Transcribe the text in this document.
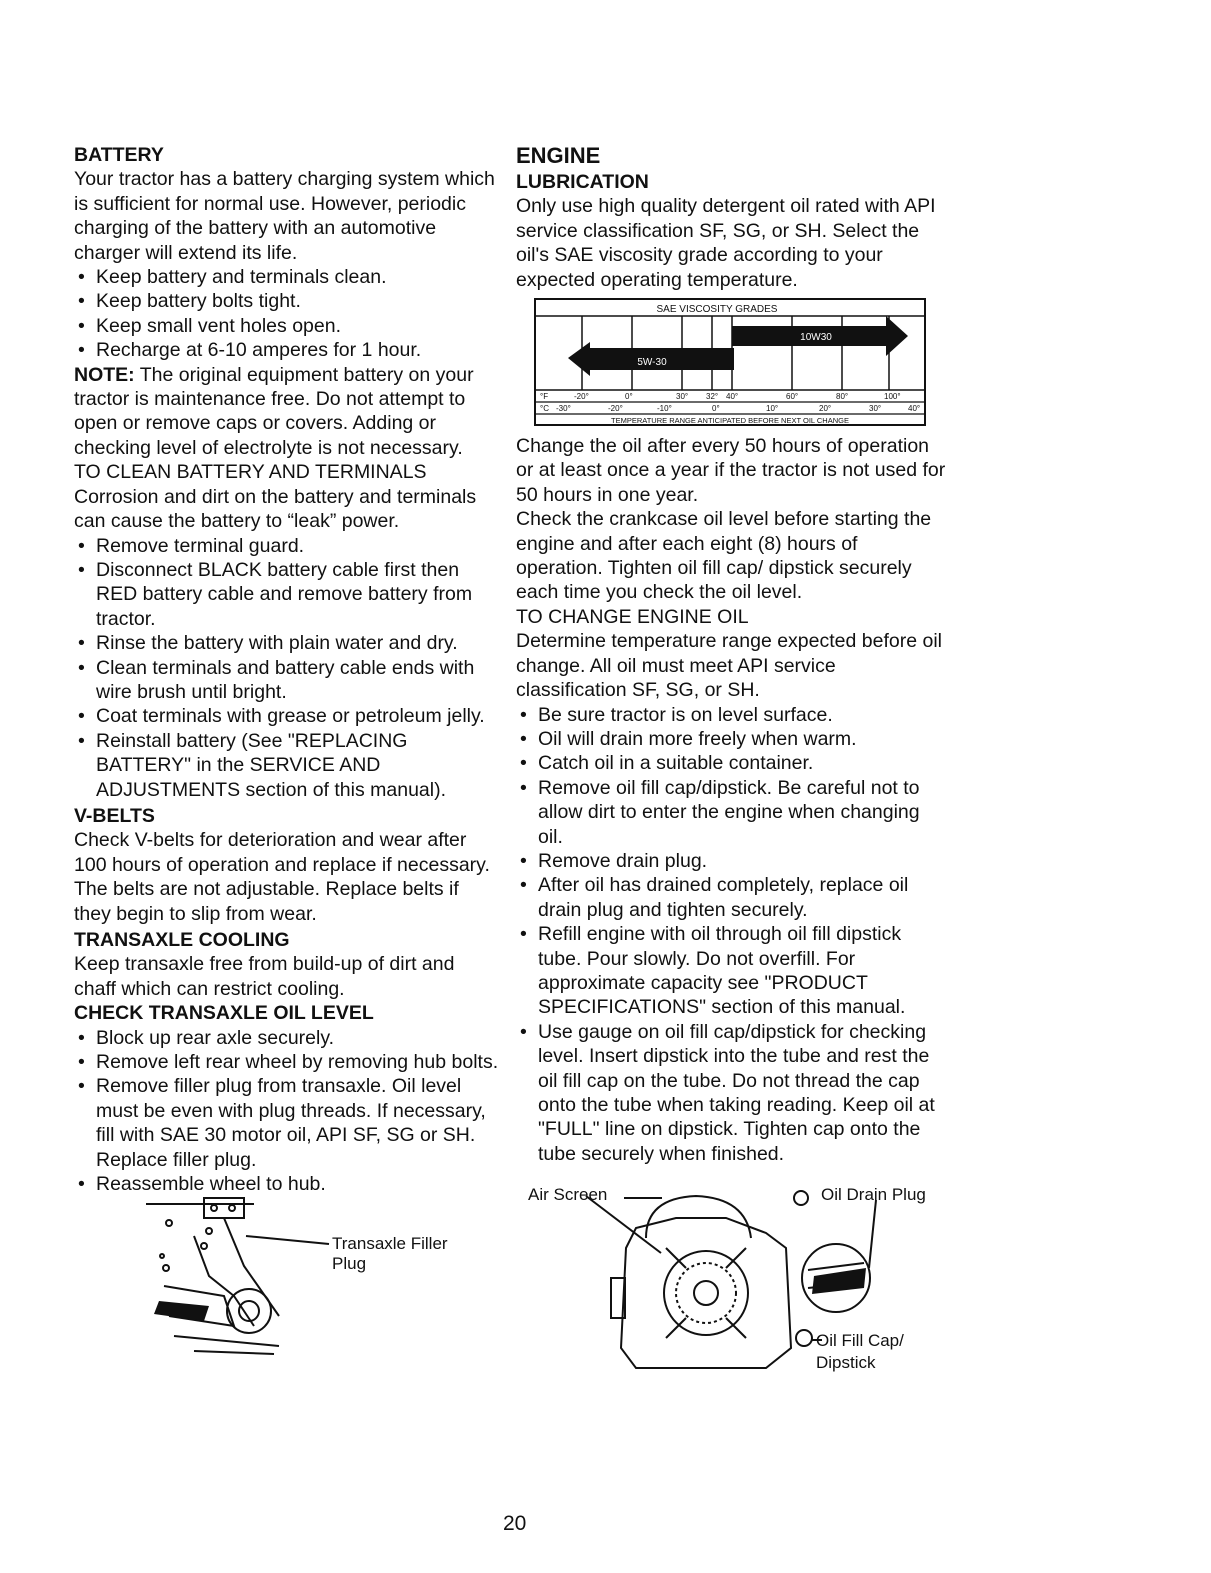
BATTERY

Your tractor has a battery charging system which is sufficient for normal use. However, periodic charging of the battery with an automotive charger will extend its life.

• Keep battery and terminals clean.

• Keep battery bolts tight.

• Keep small vent holes open.

• Recharge at 6-10 amperes for 1 hour.

NOTE: The original equipment battery on your tractor is maintenance free. Do not attempt to open or remove caps or covers. Adding or checking level of electrolyte is not necessary.

TO CLEAN BATTERY AND TERMINALS

Corrosion and dirt on the battery and terminals can cause the battery to “leak” power.

• Remove terminal guard.

• Disconnect BLACK battery cable first then RED battery cable and remove battery from tractor.

• Rinse the battery with plain water and dry.

• Clean terminals and battery cable ends with wire brush until bright.

• Coat terminals with grease or petroleum jelly.

• Reinstall battery (See "REPLACING BATTERY" in the SERVICE AND ADJUSTMENTS section of this manual).

V-BELTS

Check V-belts for deterioration and wear after 100 hours of operation and replace if necessary. The belts are not adjustable. Replace belts if they begin to slip from wear.

TRANSAXLE COOLING

Keep transaxle free from build-up of dirt and chaff which can restrict cooling.

CHECK TRANSAXLE OIL LEVEL

• Block up rear axle securely.

• Remove left rear wheel by removing hub bolts.

• Remove filler plug from transaxle. Oil level must be even with plug threads. If necessary, fill with SAE 30 motor oil, API SF, SG or SH. Replace filler plug.

• Reassemble wheel to hub.

Transaxle Filler
Plug

ENGINE

LUBRICATION

Only use high quality detergent oil rated with API service classification SF, SG, or SH. Select the oil's SAE viscosity grade according to your expected operating temperature.

SAE VISCOSITY GRADES
5W-30
10W30
°F	-20°	0°	30° 32° 40°	60°	80°	100°
°C -30°	-20°	-10°	0°	10°	20°	30°	40°
TEMPERATURE RANGE ANTICIPATED BEFORE NEXT OIL CHANGE

Change the oil after every 50 hours of operation or at least once a year if the tractor is not used for 50 hours in one year.

Check the crankcase oil level before starting the engine and after each eight (8) hours of operation. Tighten oil fill cap/ dipstick securely each time you check the oil level.

TO CHANGE ENGINE OIL

Determine temperature range expected before oil change. All oil must meet API service classification SF, SG, or SH.

• Be sure tractor is on level surface.

• Oil will drain more freely when warm.

• Catch oil in a suitable container.

• Remove oil fill cap/dipstick. Be careful not to allow dirt to enter the engine when changing oil.

• Remove drain plug.

• After oil has drained completely, replace oil drain plug and tighten securely.

• Refill engine with oil through oil fill dipstick tube. Pour slowly. Do not overfill. For approximate capacity see "PRODUCT SPECIFICATIONS" section of this manual.

• Use gauge on oil fill cap/dipstick for checking level. Insert dipstick into the tube and rest the oil fill cap on the tube. Do not thread the cap onto the tube when taking reading. Keep oil at "FULL" line on dipstick. Tighten cap onto the tube securely when finished.

Air Screen	Oil Drain Plug
Oil Fill Cap/
Dipstick
20
